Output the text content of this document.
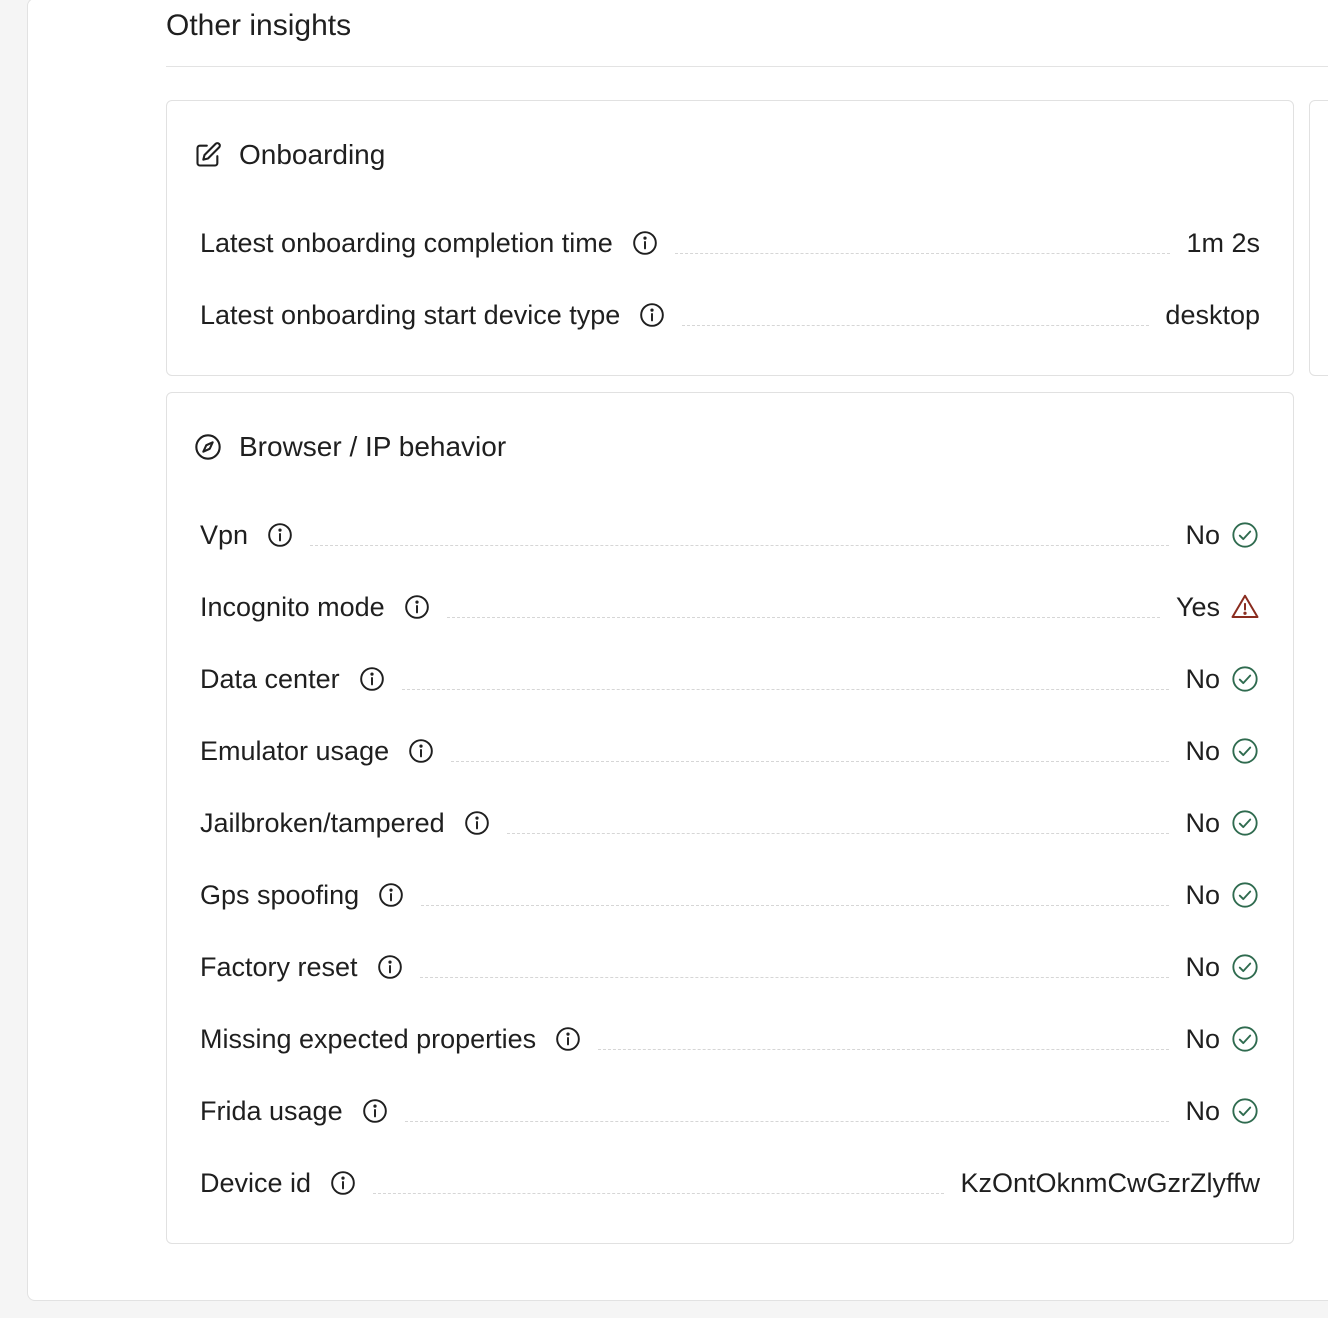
Other insights
Onboarding
Latest onboarding completion time	1m 2s
Latest onboarding start device type	desktop
Browser / IP behavior
Vpn	No
Incognito mode	Yes
Data center	No
Emulator usage	No
Jailbroken/tampered	No
Gps spoofing	No
Factory reset	No
Missing expected properties	No
Frida usage	No
Device id	KzOntOknmCwGzrZlyffw
